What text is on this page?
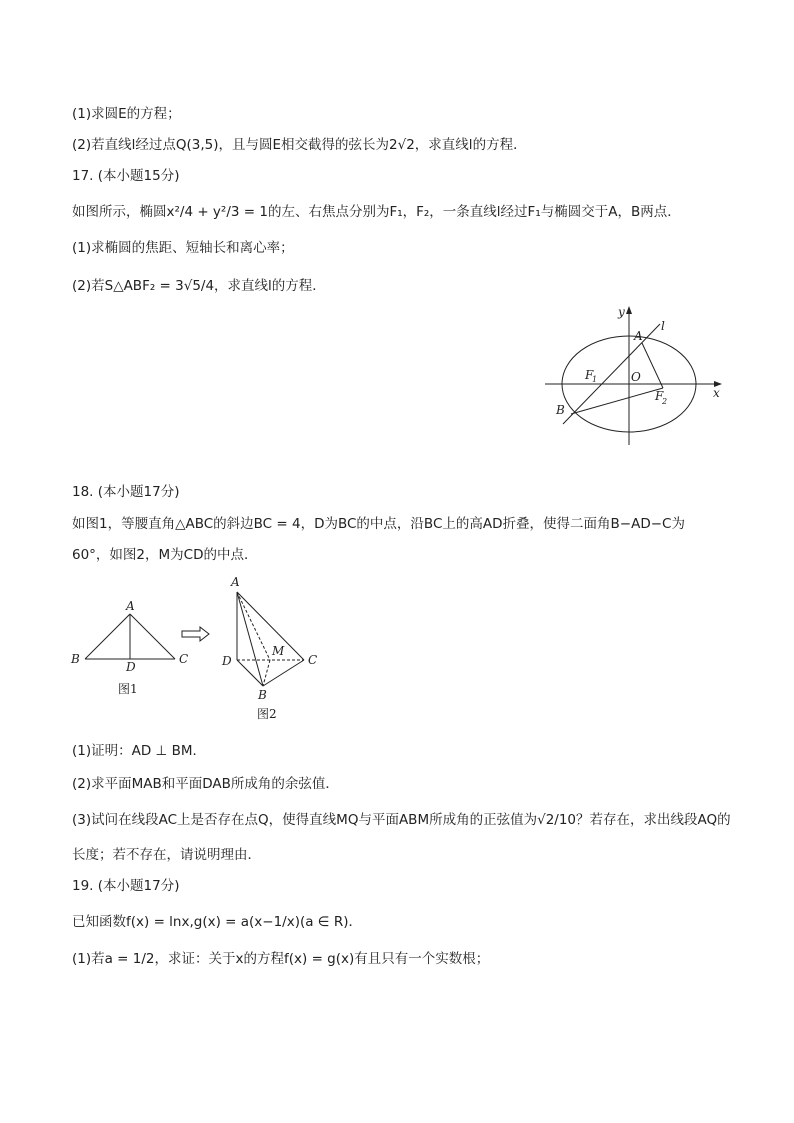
(1)求圆E的方程；
(2)若直线l经过点Q(3,5)，且与圆E相交截得的弦长为2√2，求直线l的方程．
17. (本小题15分)
如图所示，椭圆x²/4 + y²/3 = 1的左、右焦点分别为F₁，F₂，一条直线l经过F₁与椭圆交于A，B两点．
(1)求椭圆的焦距、短轴长和离心率；
(2)若S△ABF₂ = 3√5/4，求直线l的方程．
y
x
l
A
B
O
F
1
F
2
18. (本小题17分)
如图1，等腰直角△ABC的斜边BC = 4，D为BC的中点，沿BC上的高AD折叠，使得二面角B−AD−C为
60°，如图2，M为CD的中点．
A
B	C
D
图1
A
D	C
B
M
图2
(1)证明：AD ⊥ BM．
(2)求平面MAB和平面DAB所成角的余弦值．
(3)试问在线段AC上是否存在点Q，使得直线MQ与平面ABM所成角的正弦值为√2/10？若存在，求出线段AQ的
长度；若不存在，请说明理由．
19. (本小题17分)
已知函数f(x) = lnx,g(x) = a(x−1/x)(a ∈ R)．
(1)若a = 1/2，求证：关于x的方程f(x) = g(x)有且只有一个实数根；
